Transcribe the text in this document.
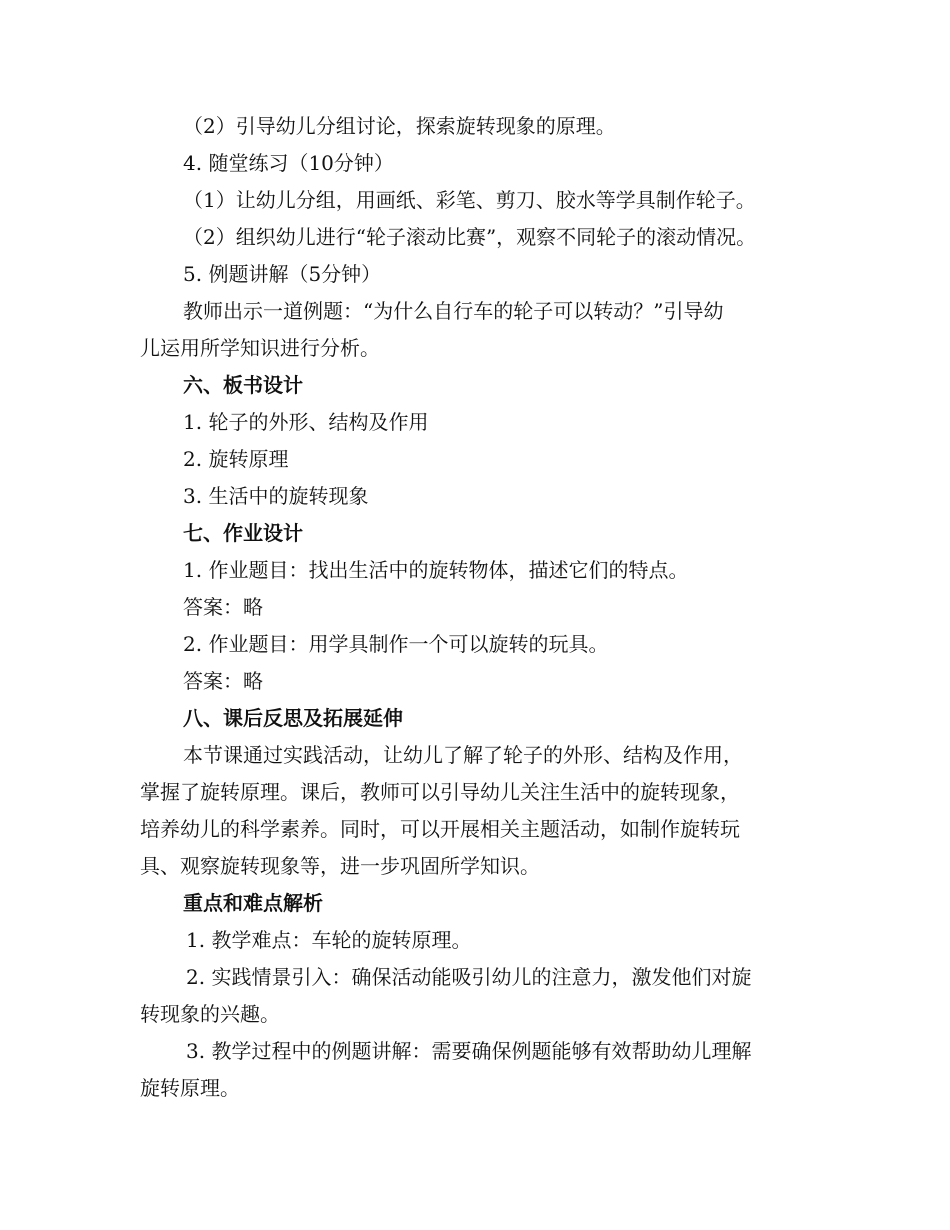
（2）引导幼儿分组讨论，探索旋转现象的原理。
4. 随堂练习（10分钟）
（1）让幼儿分组，用画纸、彩笔、剪刀、胶水等学具制作轮子。
（2）组织幼儿进行“轮子滚动比赛”，观察不同轮子的滚动情况。
5. 例题讲解（5分钟）
教师出示一道例题：“为什么自行车的轮子可以转动？”引导幼
儿运用所学知识进行分析。
六、板书设计
1. 轮子的外形、结构及作用
2. 旋转原理
3. 生活中的旋转现象
七、作业设计
1. 作业题目：找出生活中的旋转物体，描述它们的特点。
答案：略
2. 作业题目：用学具制作一个可以旋转的玩具。
答案：略
八、课后反思及拓展延伸
本节课通过实践活动，让幼儿了解了轮子的外形、结构及作用，
掌握了旋转原理。课后，教师可以引导幼儿关注生活中的旋转现象，
培养幼儿的科学素养。同时，可以开展相关主题活动，如制作旋转玩
具、观察旋转现象等，进一步巩固所学知识。
重点和难点解析
1. 教学难点：车轮的旋转原理。
2. 实践情景引入：确保活动能吸引幼儿的注意力，激发他们对旋
转现象的兴趣。
3. 教学过程中的例题讲解：需要确保例题能够有效帮助幼儿理解
旋转原理。
